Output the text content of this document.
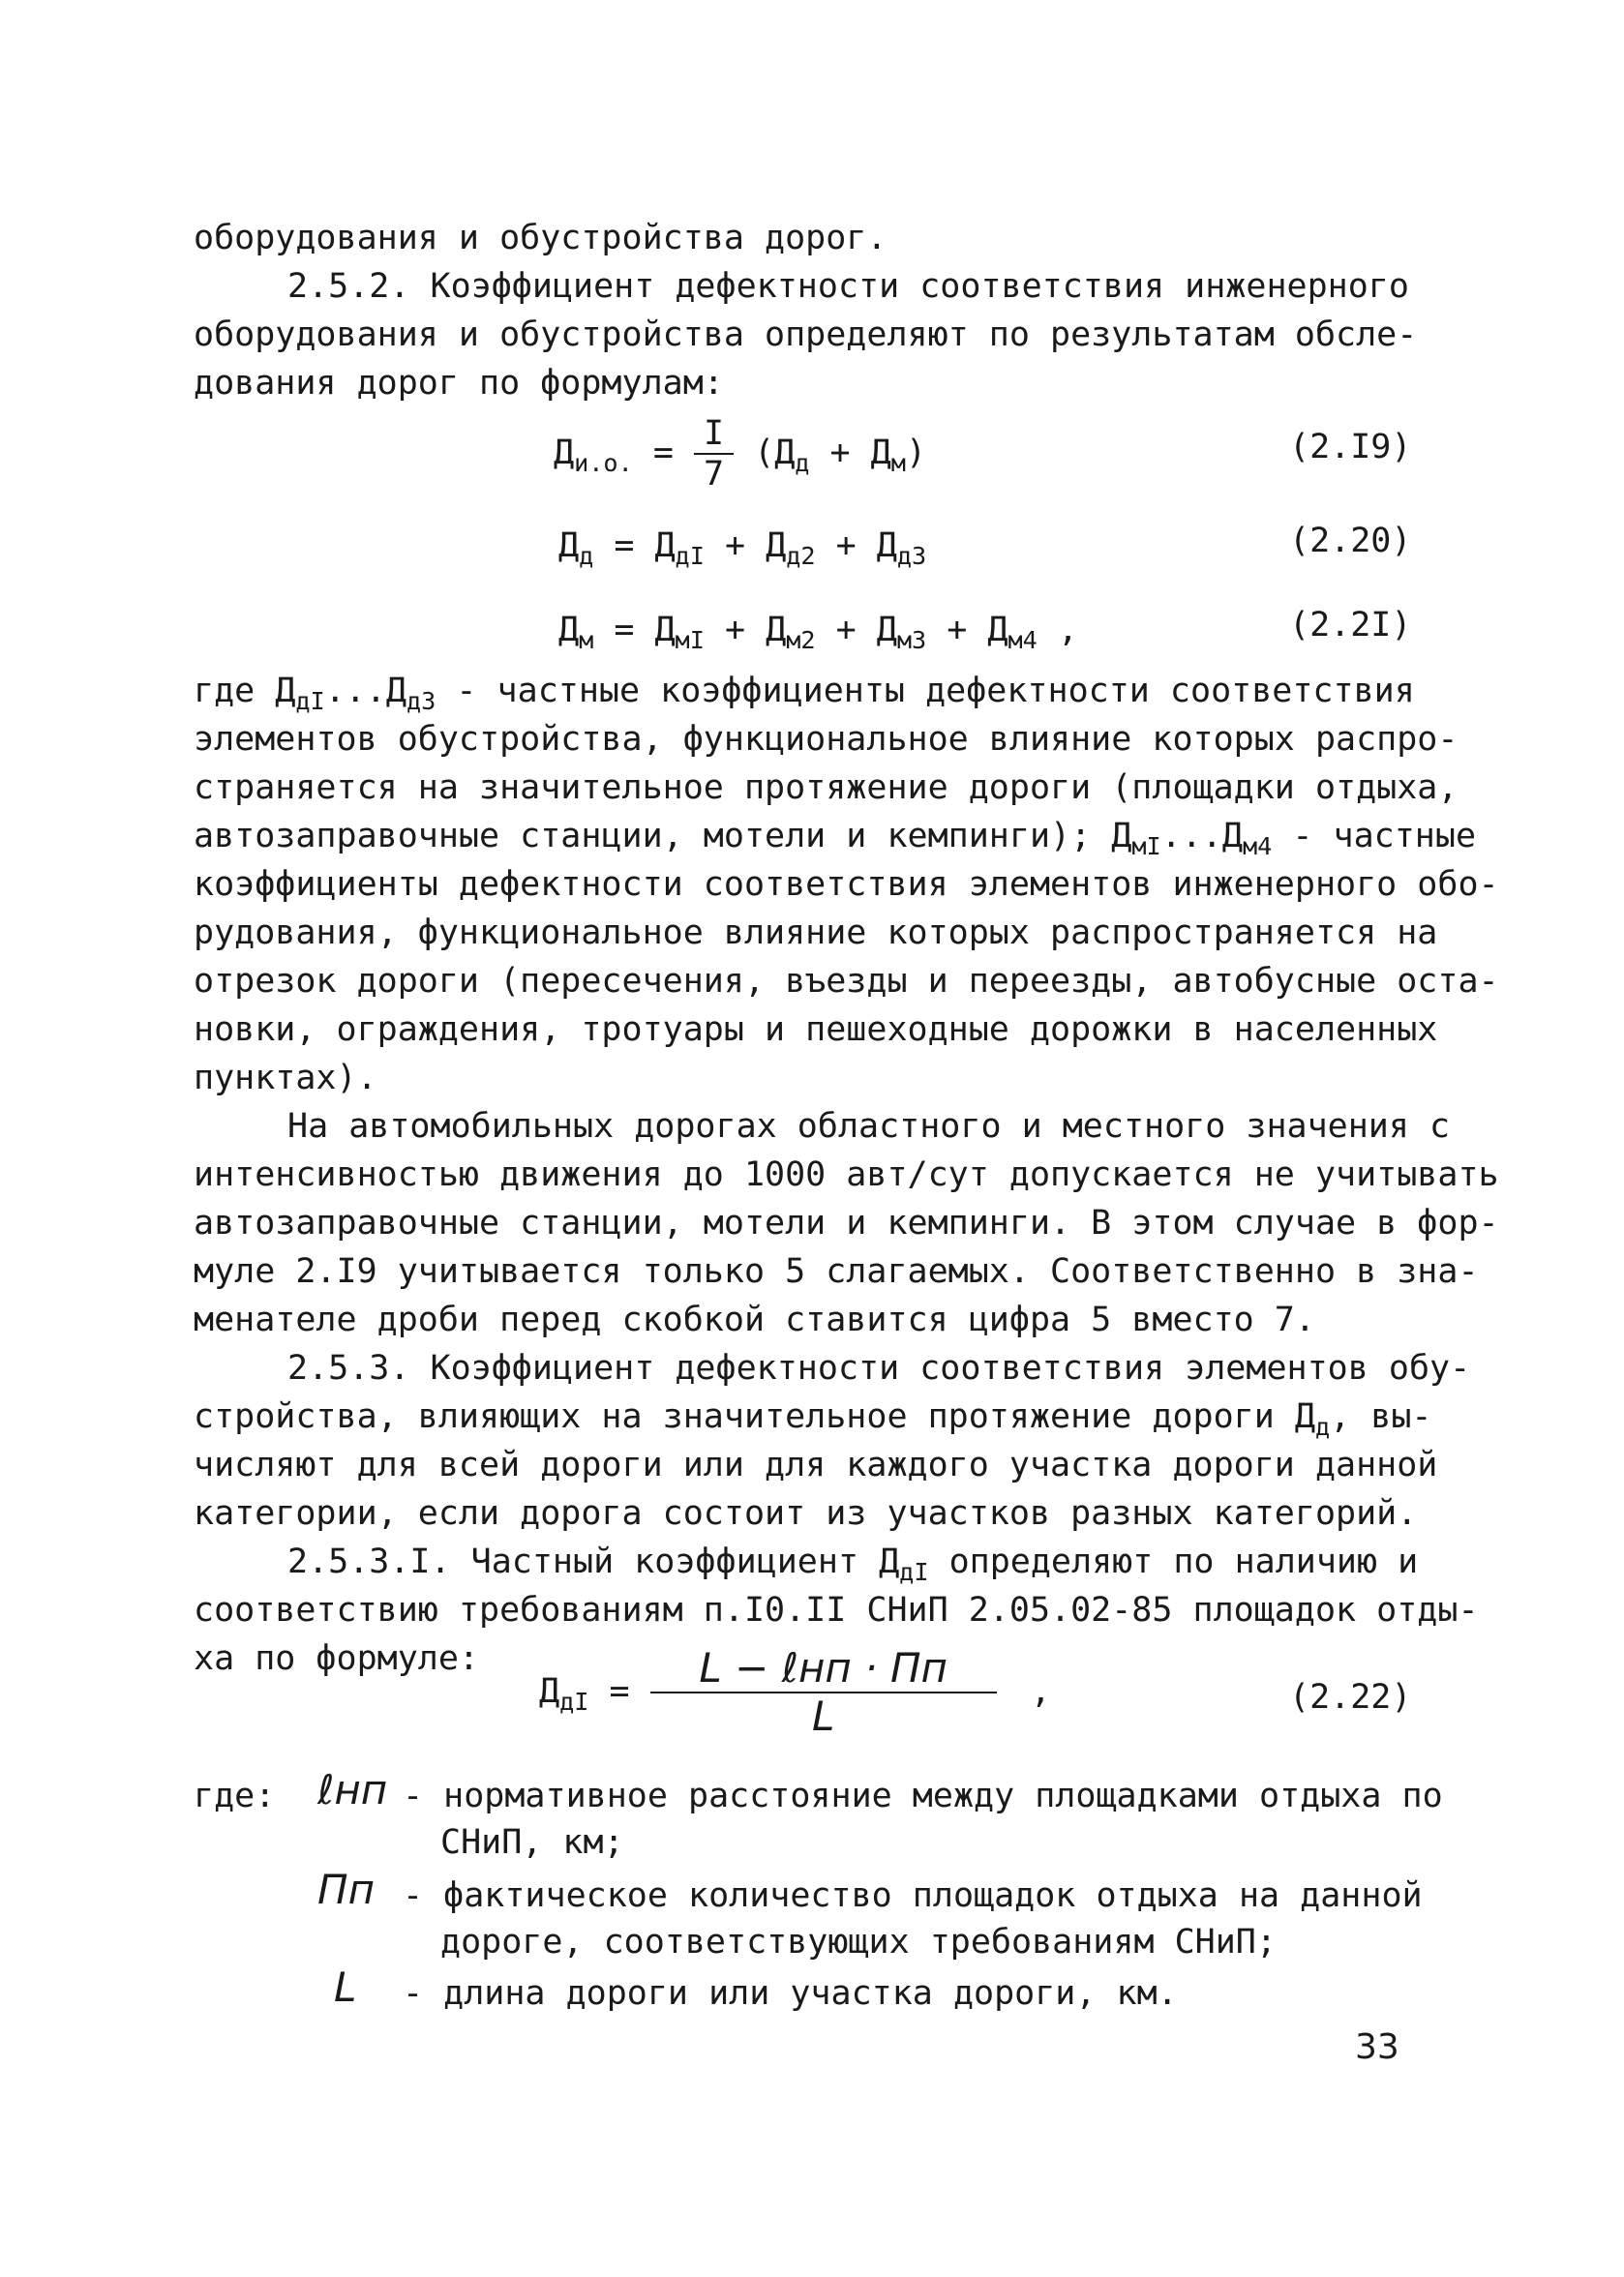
оборудования и обустройства дорог.
2.5.2. Коэффициент дефектности соответствия инженерного
оборудования и обустройства определяют по результатам обсле-
дования дорог по формулам:
$Д_{и.о.} = \frac{I}{7} (Д_д + Д_м)$	(2.I9)
$Д_д = Д_{дI} + Д_{д2} + Д_{д3}$	(2.20)
$Д_м = Д_{мI} + Д_{м2} + Д_{м3} + Д_{м4}$ ,	(2.2I)
где $Д_{дI}...Д_{д3}$ - частные коэффициенты дефектности соответствия
элементов обустройства, функциональное влияние которых распро-
страняется на значительное протяжение дороги (площадки отдыха,
автозаправочные станции, мотели и кемпинги); $Д_{мI}...Д_{м4}$ - частные
коэффициенты дефектности соответствия элементов инженерного обо-
рудования, функциональное влияние которых распространяется на
отрезок дороги (пересечения, въезды и переезды, автобусные оста-
новки, ограждения, тротуары и пешеходные дорожки в населенных
пунктах).
На автомобильных дорогах областного и местного значения с
интенсивностью движения до 1000 авт/сут допускается не учитывать
автозаправочные станции, мотели и кемпинги. В этом случае в фор-
муле 2.I9 учитывается только 5 слагаемых. Соответственно в зна-
менателе дроби перед скобкой ставится цифра 5 вместо 7.
2.5.3. Коэффициент дефектности соответствия элементов обу-
стройства, влияющих на значительное протяжение дороги $Д_д$, вы-
числяют для всей дороги или для каждого участка дороги данной
категории, если дорога состоит из участков разных категорий.
2.5.3.I. Частный коэффициент $Д_{дI}$ определяют по наличию и
соответствию требованиям п.I0.II СНиП 2.05.02-85 площадок отды-
ха по формуле:
$Д_{дI} = \frac{\text{L − ℓнп · Пп}}{L}$ ,	(2.22)
где: ℓнп - нормативное расстояние между площадками отдыха по
СНиП, км;
Пп - фактическое количество площадок отдыха на данной
дороге, соответствующих требованиям СНиП;
L - длина дороги или участка дороги, км.
33
